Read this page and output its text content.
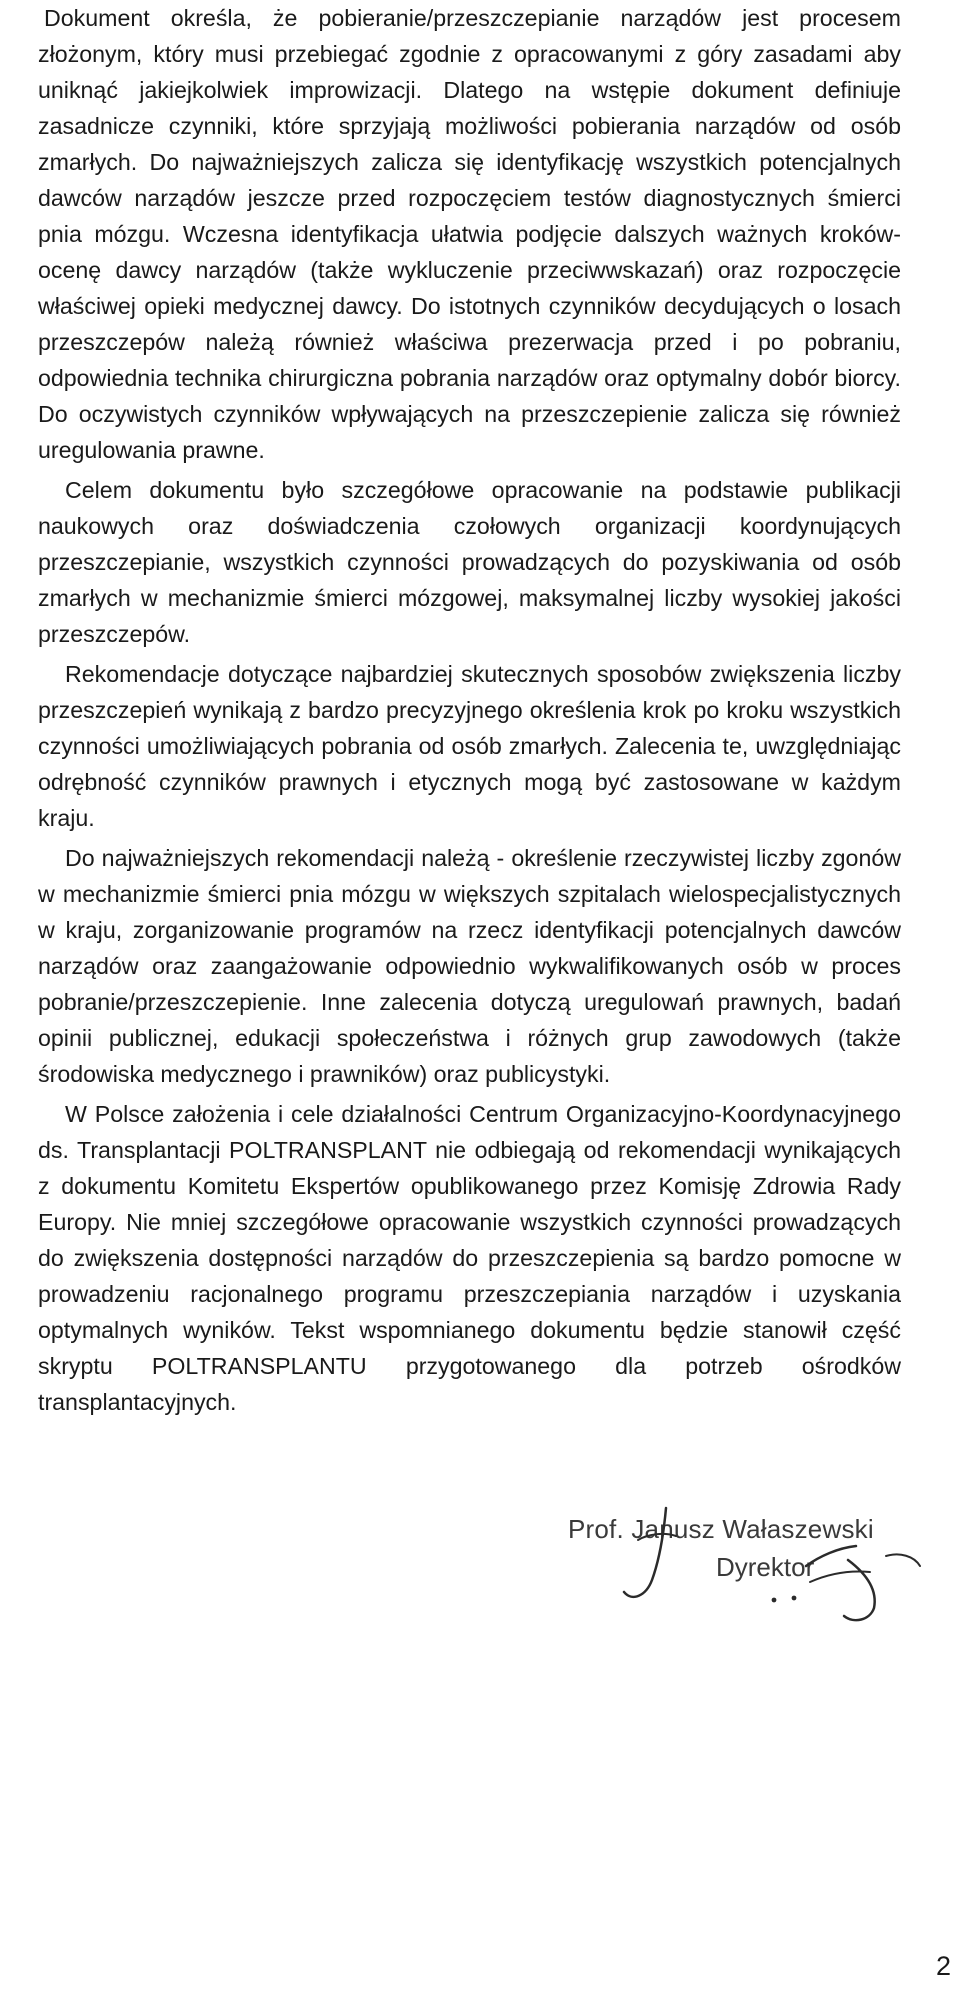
Dokument określa, że pobieranie/przeszczepianie narządów jest procesem złożonym, który musi przebiegać zgodnie z opracowanymi z góry zasadami aby uniknąć jakiejkolwiek improwizacji. Dlatego na wstępie dokument definiuje zasadnicze czynniki, które sprzyjają możliwości pobierania narządów od osób zmarłych. Do najważniejszych zalicza się identyfikację wszystkich potencjalnych dawców narządów jeszcze przed rozpoczęciem testów diagnostycznych śmierci pnia mózgu. Wczesna identyfikacja ułatwia podjęcie dalszych ważnych kroków- ocenę dawcy narządów (także wykluczenie przeciwwskazań) oraz rozpoczęcie właściwej opieki medycznej dawcy. Do istotnych czynników decydujących o losach przeszczepów należą również właściwa prezerwacja przed i po pobraniu, odpowiednia technika chirurgiczna pobrania narządów oraz optymalny dobór biorcy. Do oczywistych czynników wpływających na przeszczepienie zalicza się również uregulowania prawne.

Celem dokumentu było szczegółowe opracowanie na podstawie publikacji naukowych oraz doświadczenia czołowych organizacji koordynujących przeszczepianie, wszystkich czynności prowadzących do pozyskiwania od osób zmarłych w mechanizmie śmierci mózgowej, maksymalnej liczby wysokiej jakości przeszczepów.

Rekomendacje dotyczące najbardziej skutecznych sposobów zwiększenia liczby przeszczepień wynikają z bardzo precyzyjnego określenia krok po kroku wszystkich czynności umożliwiających pobrania od osób zmarłych. Zalecenia te, uwzględniając odrębność czynników prawnych i etycznych mogą być zastosowane w każdym kraju.

Do najważniejszych rekomendacji należą - określenie rzeczywistej liczby zgonów w mechanizmie śmierci pnia mózgu w większych szpitalach wielospecjalistycznych w kraju, zorganizowanie programów na rzecz identyfikacji potencjalnych dawców narządów oraz zaangażowanie odpowiednio wykwalifikowanych osób w proces pobranie/przeszczepienie. Inne zalecenia dotyczą uregulowań prawnych, badań opinii publicznej, edukacji społeczeństwa i różnych grup zawodowych (także środowiska medycznego i prawników) oraz publicystyki.

W Polsce założenia i cele działalności Centrum Organizacyjno-Koordynacyjnego ds. Transplantacji POLTRANSPLANT nie odbiegają od rekomendacji wynikających z dokumentu Komitetu Ekspertów opublikowanego przez Komisję Zdrowia Rady Europy. Nie mniej szczegółowe opracowanie wszystkich czynności prowadzących do zwiększenia dostępności narządów do przeszczepienia są bardzo pomocne w prowadzeniu racjonalnego programu przeszczepiania narządów i uzyskania optymalnych wyników. Tekst wspomnianego dokumentu będzie stanowił część skryptu POLTRANSPLANTU przygotowanego dla potrzeb ośrodków transplantacyjnych.

Prof. Janusz Wałaszewski
Dyrektor
2
